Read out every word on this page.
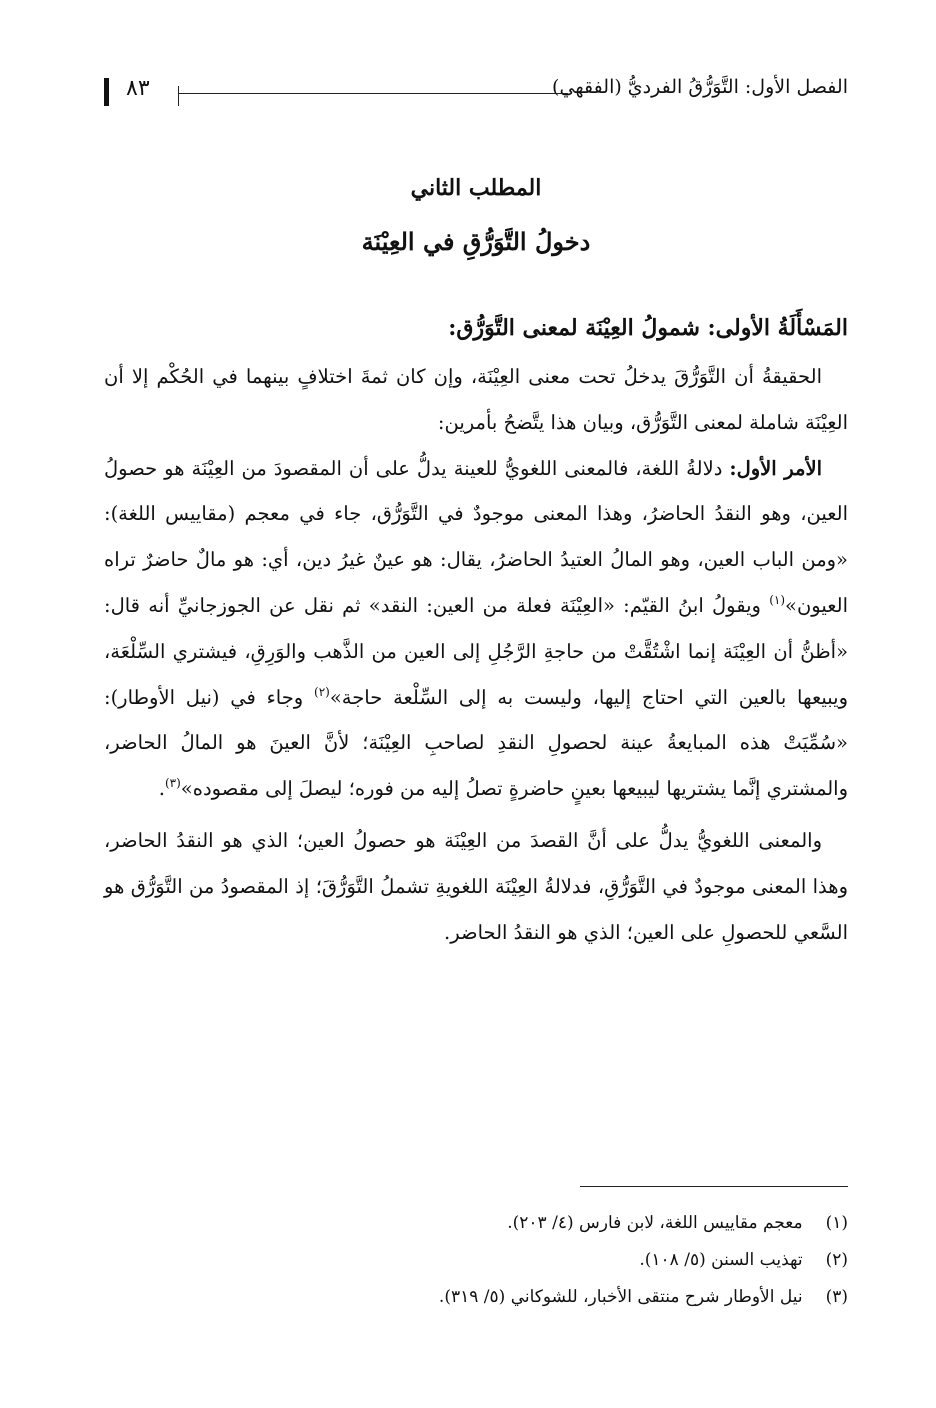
الفصل الأول: التَّوَرُّقُ الفرديُّ (الفقهي)
٨٣
المطلب الثاني
دخولُ التَّوَرُّقِ في العِيْنَة
المَسْأَلَةُ الأولى: شمولُ العِيْنَة لمعنى التَّوَرُّق:

الحقيقةُ أن التَّوَرُّقَ يدخلُ تحت معنى العِيْنَة، وإن كان ثمةَ اختلافٍ بينهما في الحُكْم إلا أن العِيْنَة شاملة لمعنى التَّوَرُّق، وبيان هذا يتَّضحُ بأمرين:

الأمر الأول: دلالةُ اللغة، فالمعنى اللغويُّ للعينة يدلُّ على أن المقصودَ من العِيْنَة هو حصولُ العين، وهو النقدُ الحاضرُ، وهذا المعنى موجودٌ في التَّوَرُّق، جاء في معجم (مقاييس اللغة): «ومن الباب العين، وهو المالُ العتيدُ الحاضرُ، يقال: هو عينٌ غيرُ دين، أي: هو مالٌ حاضرٌ تراه العيون»$^{(١)}$ ويقولُ ابنُ القيّم: «العِيْنَة فعلة من العين: النقد» ثم نقل عن الجوزجانيِّ أنه قال: «أظنُّ أن العِيْنَة إنما اشْتُقَّتْ من حاجةِ الرَّجُلِ إلى العين من الذَّهب والوَرِقِ، فيشتري السِّلْعَة، ويبيعها بالعين التي احتاج إليها، وليست به إلى السِّلْعة حاجة»$^{(٢)}$ وجاء في (نيل الأوطار): «سُمِّيَتْ هذه المبايعةُ عينة لحصولِ النقدِ لصاحبِ العِيْنَة؛ لأنَّ العينَ هو المالُ الحاضر، والمشتري إنَّما يشتريها ليبيعها بعينٍ حاضرةٍ تصلُ إليه من فوره؛ ليصلَ إلى مقصوده»$^{(٣)}$.

والمعنى اللغويُّ يدلُّ على أنَّ القصدَ من العِيْنَة هو حصولُ العين؛ الذي هو النقدُ الحاضر، وهذا المعنى موجودٌ في التَّوَرُّقِ، فدلالةُ العِيْنَة اللغويةِ تشملُ التَّوَرُّقَ؛ إذ المقصودُ من التَّوَرُّق هو السَّعي للحصولِ على العين؛ الذي هو النقدُ الحاضر.

(١) معجم مقاييس اللغة، لابن فارس (٤/ ٢٠٣).

(٢) تهذيب السنن (٥/ ١٠٨).

(٣) نيل الأوطار شرح منتقى الأخبار، للشوكاني (٥/ ٣١٩).
